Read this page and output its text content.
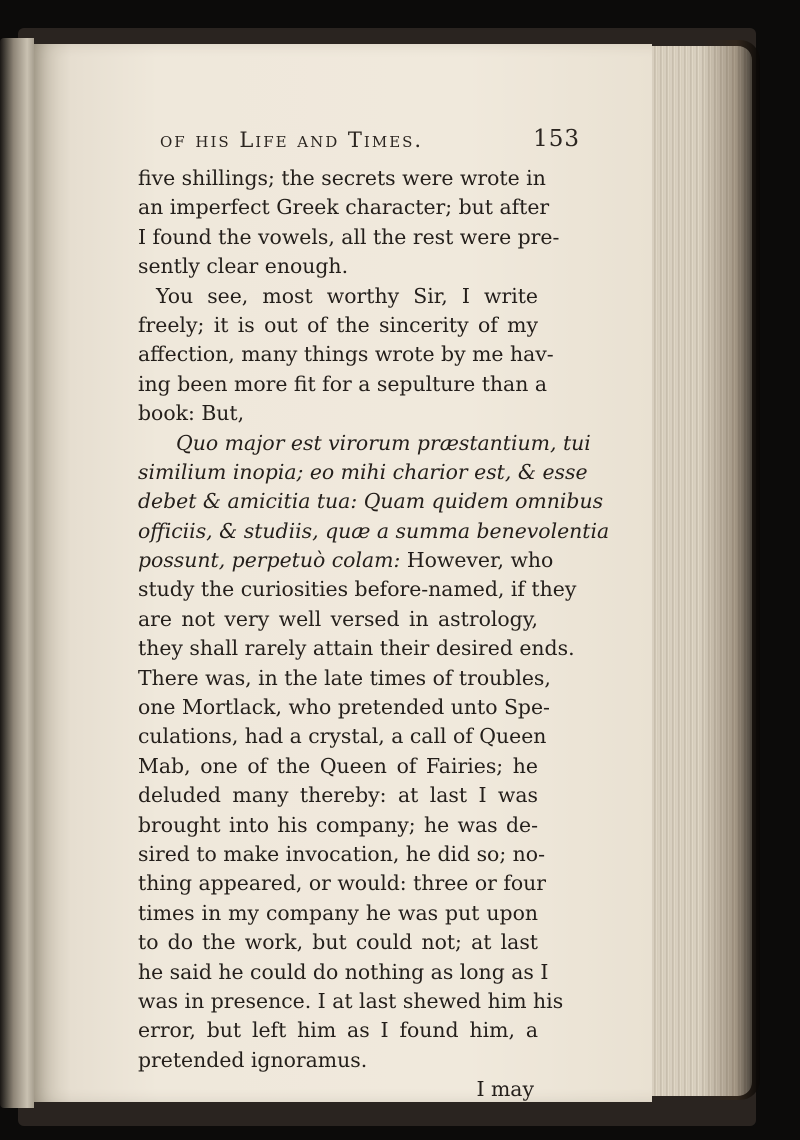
of his Life and Times.	153
five shillings; the secrets were wrote in
an imperfect Greek character; but after
I found the vowels, all the rest were pre-
sently clear enough.
You see, most worthy Sir, I write
freely; it is out of the sincerity of my
affection, many things wrote by me hav-
ing been more fit for a sepulture than a
book: But,
Quo major est virorum præstantium, tui
similium inopia; eo mihi charior est, & esse
debet & amicitia tua: Quam quidem omnibus
officiis, & studiis, quæ a summa benevolentia
possunt, perpetuò colam: However, who
study the curiosities before-named, if they
are not very well versed in astrology,
they shall rarely attain their desired ends.
There was, in the late times of troubles,
one Mortlack, who pretended unto Spe-
culations, had a crystal, a call of Queen
Mab, one of the Queen of Fairies; he
deluded many thereby: at last I was
brought into his company; he was de-
sired to make invocation, he did so; no-
thing appeared, or would: three or four
times in my company he was put upon
to do the work, but could not; at last
he said he could do nothing as long as I
was in presence. I at last shewed him his
error, but left him as I found him, a
pretended ignoramus.
I may
